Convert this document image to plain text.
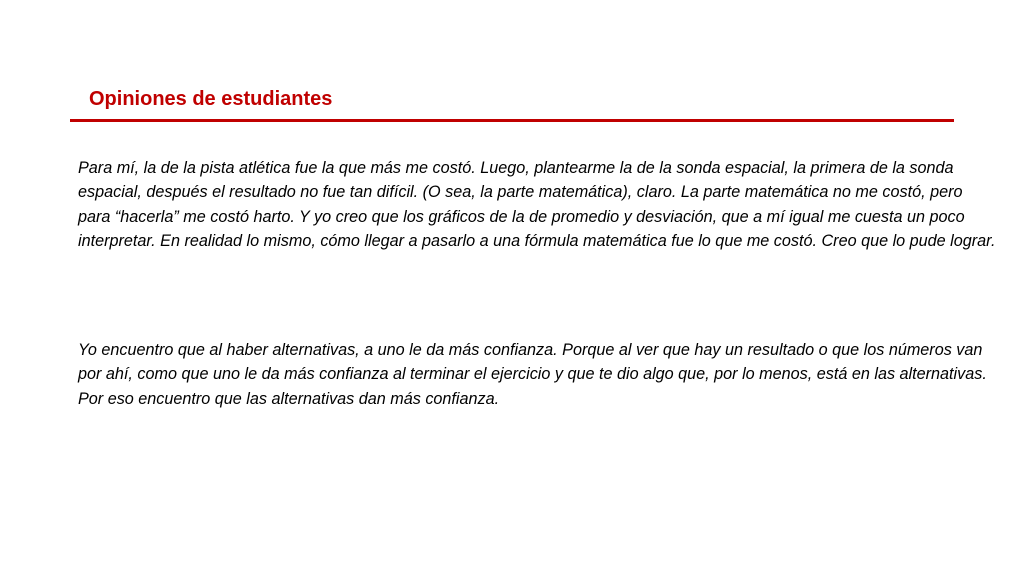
Opiniones de estudiantes

Para mí, la de la pista atlética fue la que más me costó. Luego, plantearme la de la sonda espacial, la primera de la sonda espacial, después el resultado no fue tan difícil. (O sea, la parte matemática), claro. La parte matemática no me costó, pero para “hacerla” me costó harto. Y yo creo que los gráficos de la de promedio y desviación, que a mí igual me cuesta un poco interpretar. En realidad lo mismo, cómo llegar a pasarlo a una fórmula matemática fue lo que me costó. Creo que lo pude lograr.

Yo encuentro que al haber alternativas, a uno le da más confianza. Porque al ver que hay un resultado o que los números van por ahí, como que uno le da más confianza al terminar el ejercicio y que te dio algo que, por lo menos, está en las alternativas. Por eso encuentro que las alternativas dan más confianza.
